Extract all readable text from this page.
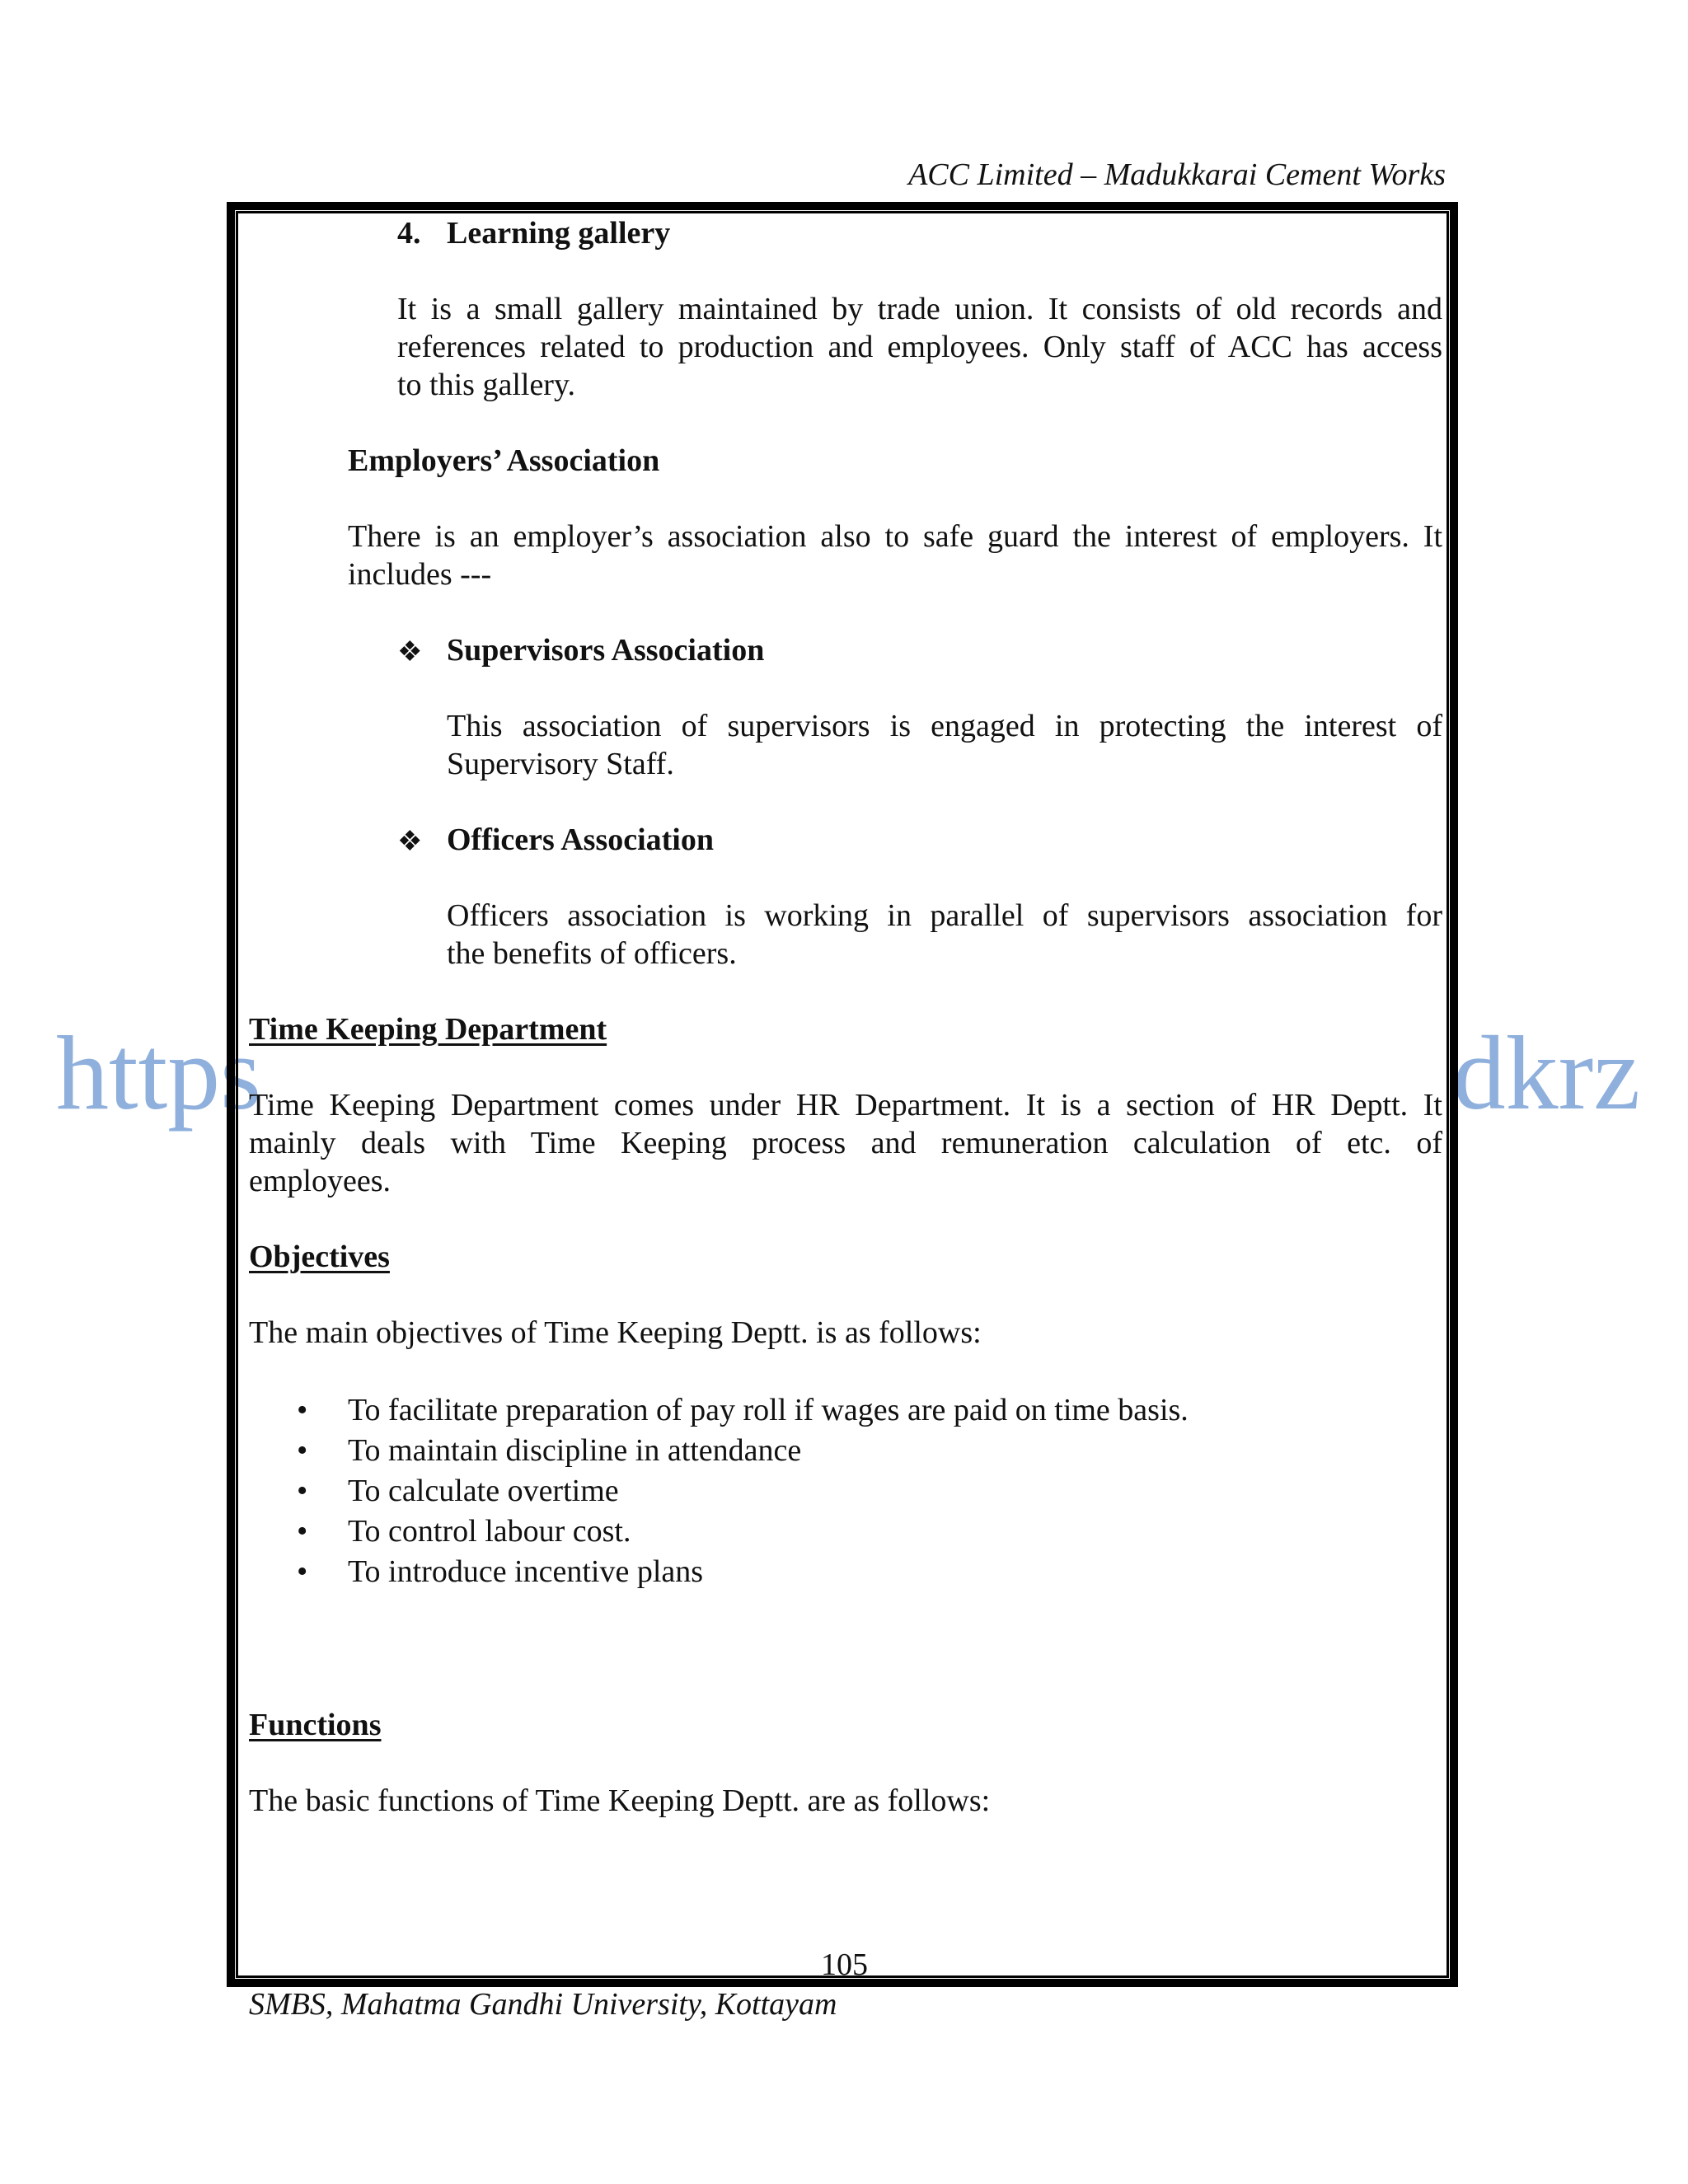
ACC Limited – Madukkarai Cement Works
https	dkrz
4. Learning gallery
It is a small gallery maintained by trade union. It consists of old records and
references related to production and employees. Only staff of ACC has access
to this gallery.
Employers’ Association
There is an employer’s association also to safe guard the interest of employers. It
includes ---
❖ Supervisors Association
This association of supervisors is engaged in protecting the interest of
Supervisory Staff.
❖ Officers Association
Officers association is working in parallel of supervisors association for
the benefits of officers.
Time Keeping Department
Time Keeping Department comes under HR Department. It is a section of HR Deptt. It
mainly deals with Time Keeping process and remuneration calculation of etc. of
employees.
Objectives
The main objectives of Time Keeping Deptt. is as follows:
• To facilitate preparation of pay roll if wages are paid on time basis.
• To maintain discipline in attendance
• To calculate overtime
• To control labour cost.
• To introduce incentive plans
Functions
The basic functions of Time Keeping Deptt. are as follows:
105
SMBS, Mahatma Gandhi University, Kottayam
